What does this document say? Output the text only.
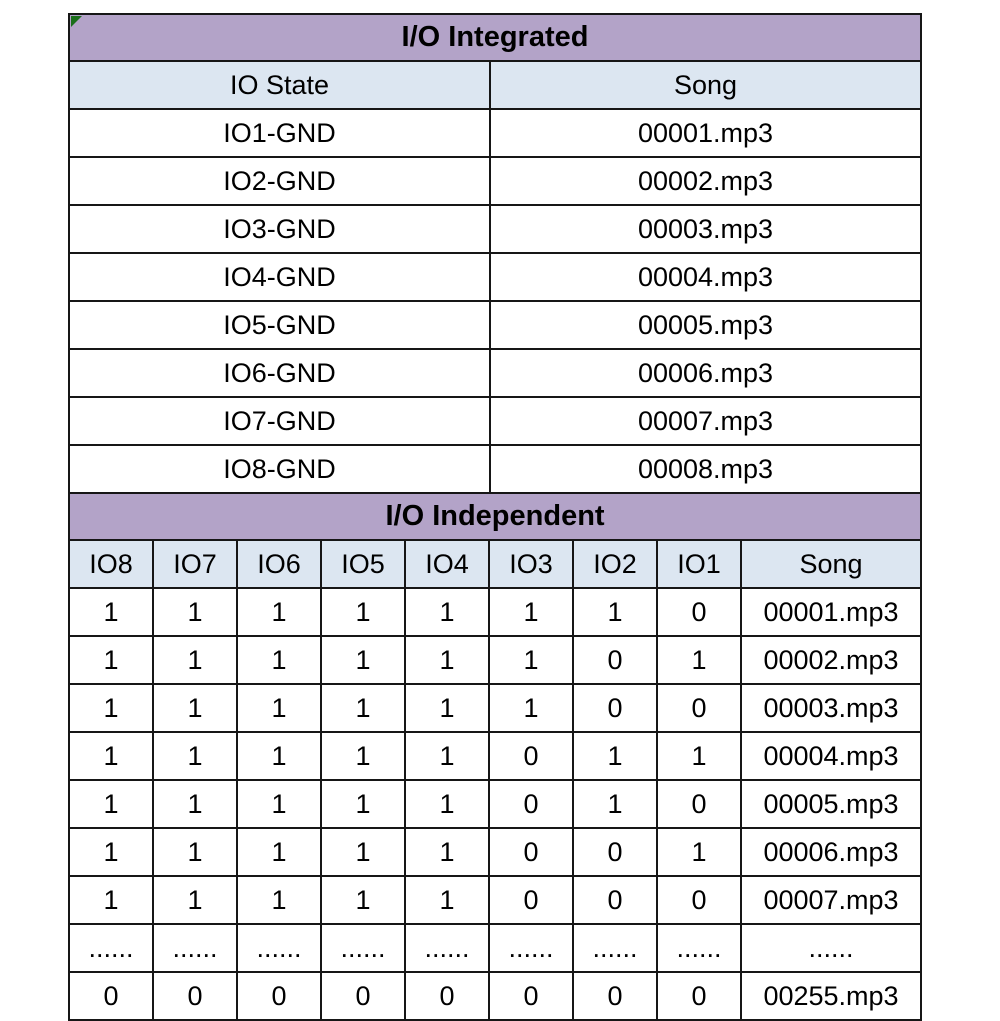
I/O Integrated	
IO State	Song
IO1-GND	00001.mp3
IO2-GND	00002.mp3
IO3-GND	00003.mp3
IO4-GND	00004.mp3
IO5-GND	00005.mp3
IO6-GND	00006.mp3
IO7-GND	00007.mp3
IO8-GND	00008.mp3
I/O Independent								
IO8	IO7	IO6	IO5	IO4	IO3	IO2	IO1	Song
1	1	1	1	1	1	1	0	00001.mp3
1	1	1	1	1	1	0	1	00002.mp3
1	1	1	1	1	1	0	0	00003.mp3
1	1	1	1	1	0	1	1	00004.mp3
1	1	1	1	1	0	1	0	00005.mp3
1	1	1	1	1	0	0	1	00006.mp3
1	1	1	1	1	0	0	0	00007.mp3
......	......	......	......	......	......	......	......	......
0	0	0	0	0	0	0	0	00255.mp3
